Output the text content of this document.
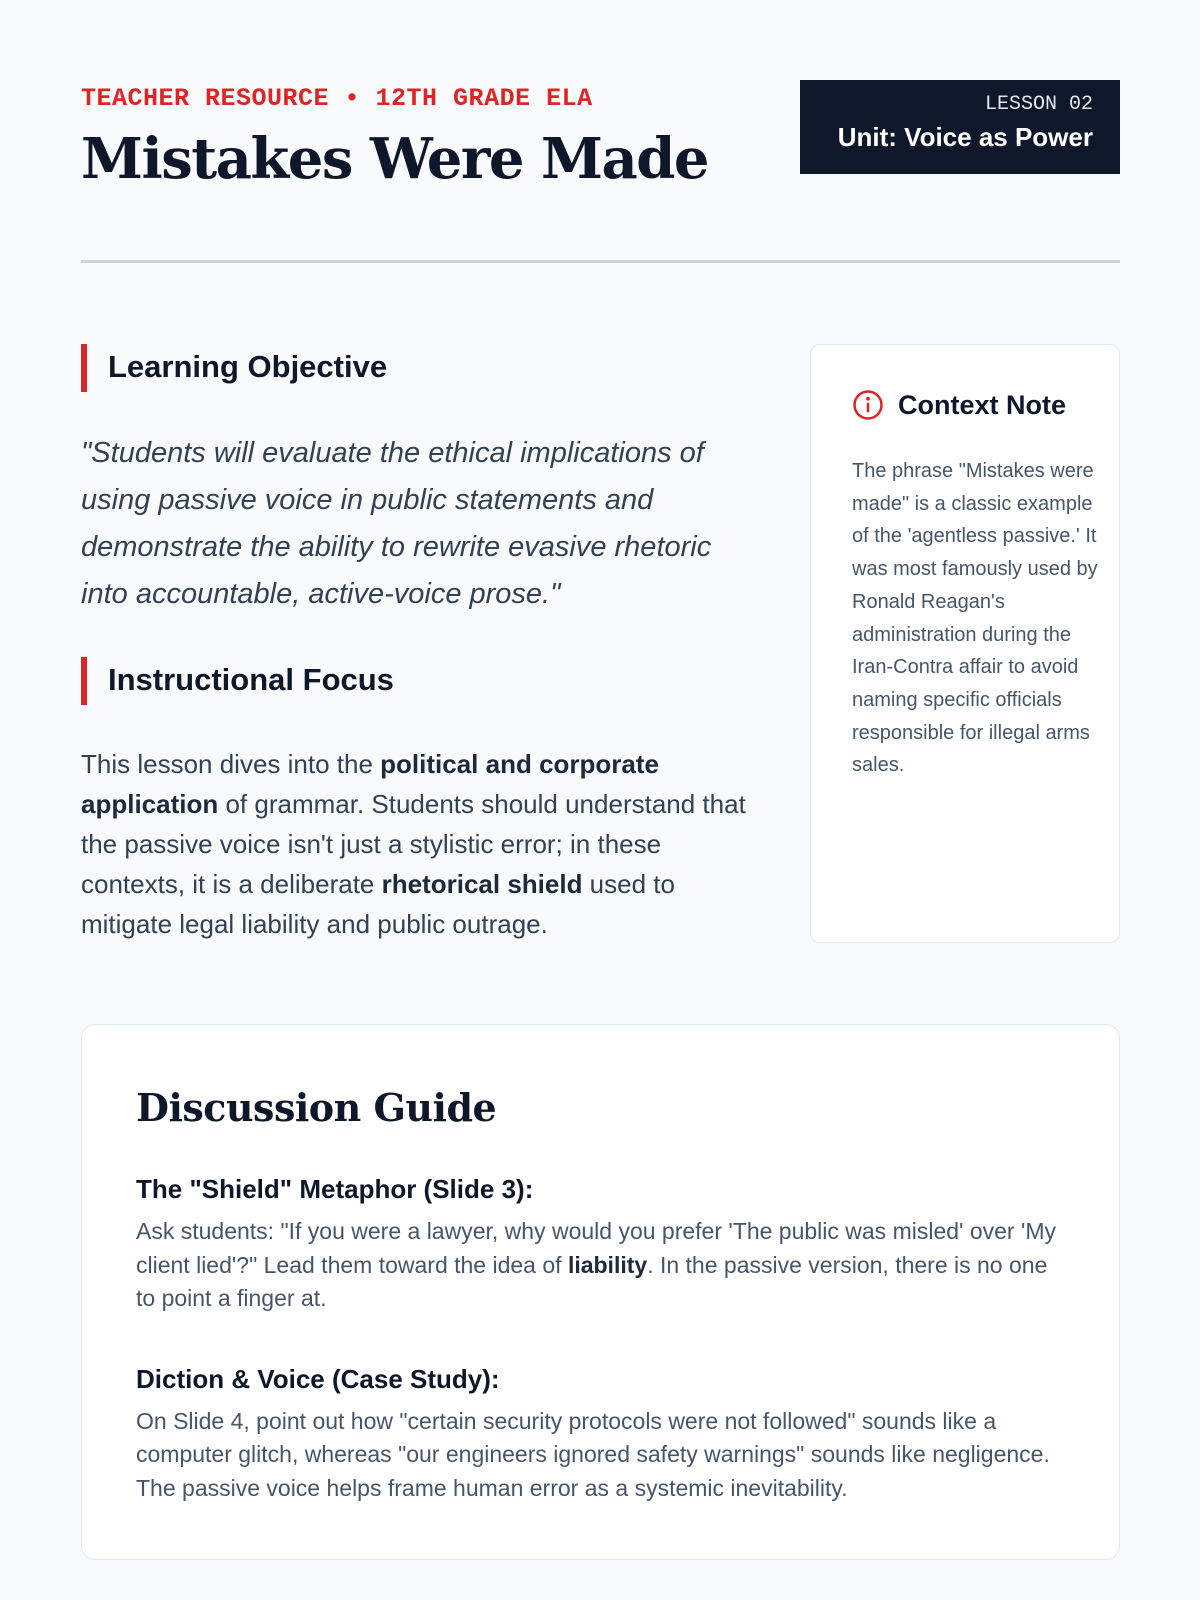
TEACHER RESOURCE • 12TH GRADE ELA
Mistakes Were Made
LESSON 02
Unit: Voice as Power
Learning Objective

"Students will evaluate the ethical implications of using passive voice in public statements and demonstrate the ability to rewrite evasive rhetoric into accountable, active-voice prose."

Instructional Focus

This lesson dives into the political and corporate application of grammar. Students should understand that the passive voice isn't just a stylistic error; in these contexts, it is a deliberate rhetorical shield used to mitigate legal liability and public outrage.

Context Note

The phrase "Mistakes were made" is a classic example of the 'agentless passive.' It was most famously used by Ronald Reagan's administration during the Iran-Contra affair to avoid naming specific officials responsible for illegal arms sales.

Discussion Guide
The "Shield" Metaphor (Slide 3):

Ask students: "If you were a lawyer, why would you prefer 'The public was misled' over 'My client lied'?" Lead them toward the idea of liability. In the passive version, there is no one to point a finger at.

Diction & Voice (Case Study):

On Slide 4, point out how "certain security protocols were not followed" sounds like a computer glitch, whereas "our engineers ignored safety warnings" sounds like negligence. The passive voice helps frame human error as a systemic inevitability.
